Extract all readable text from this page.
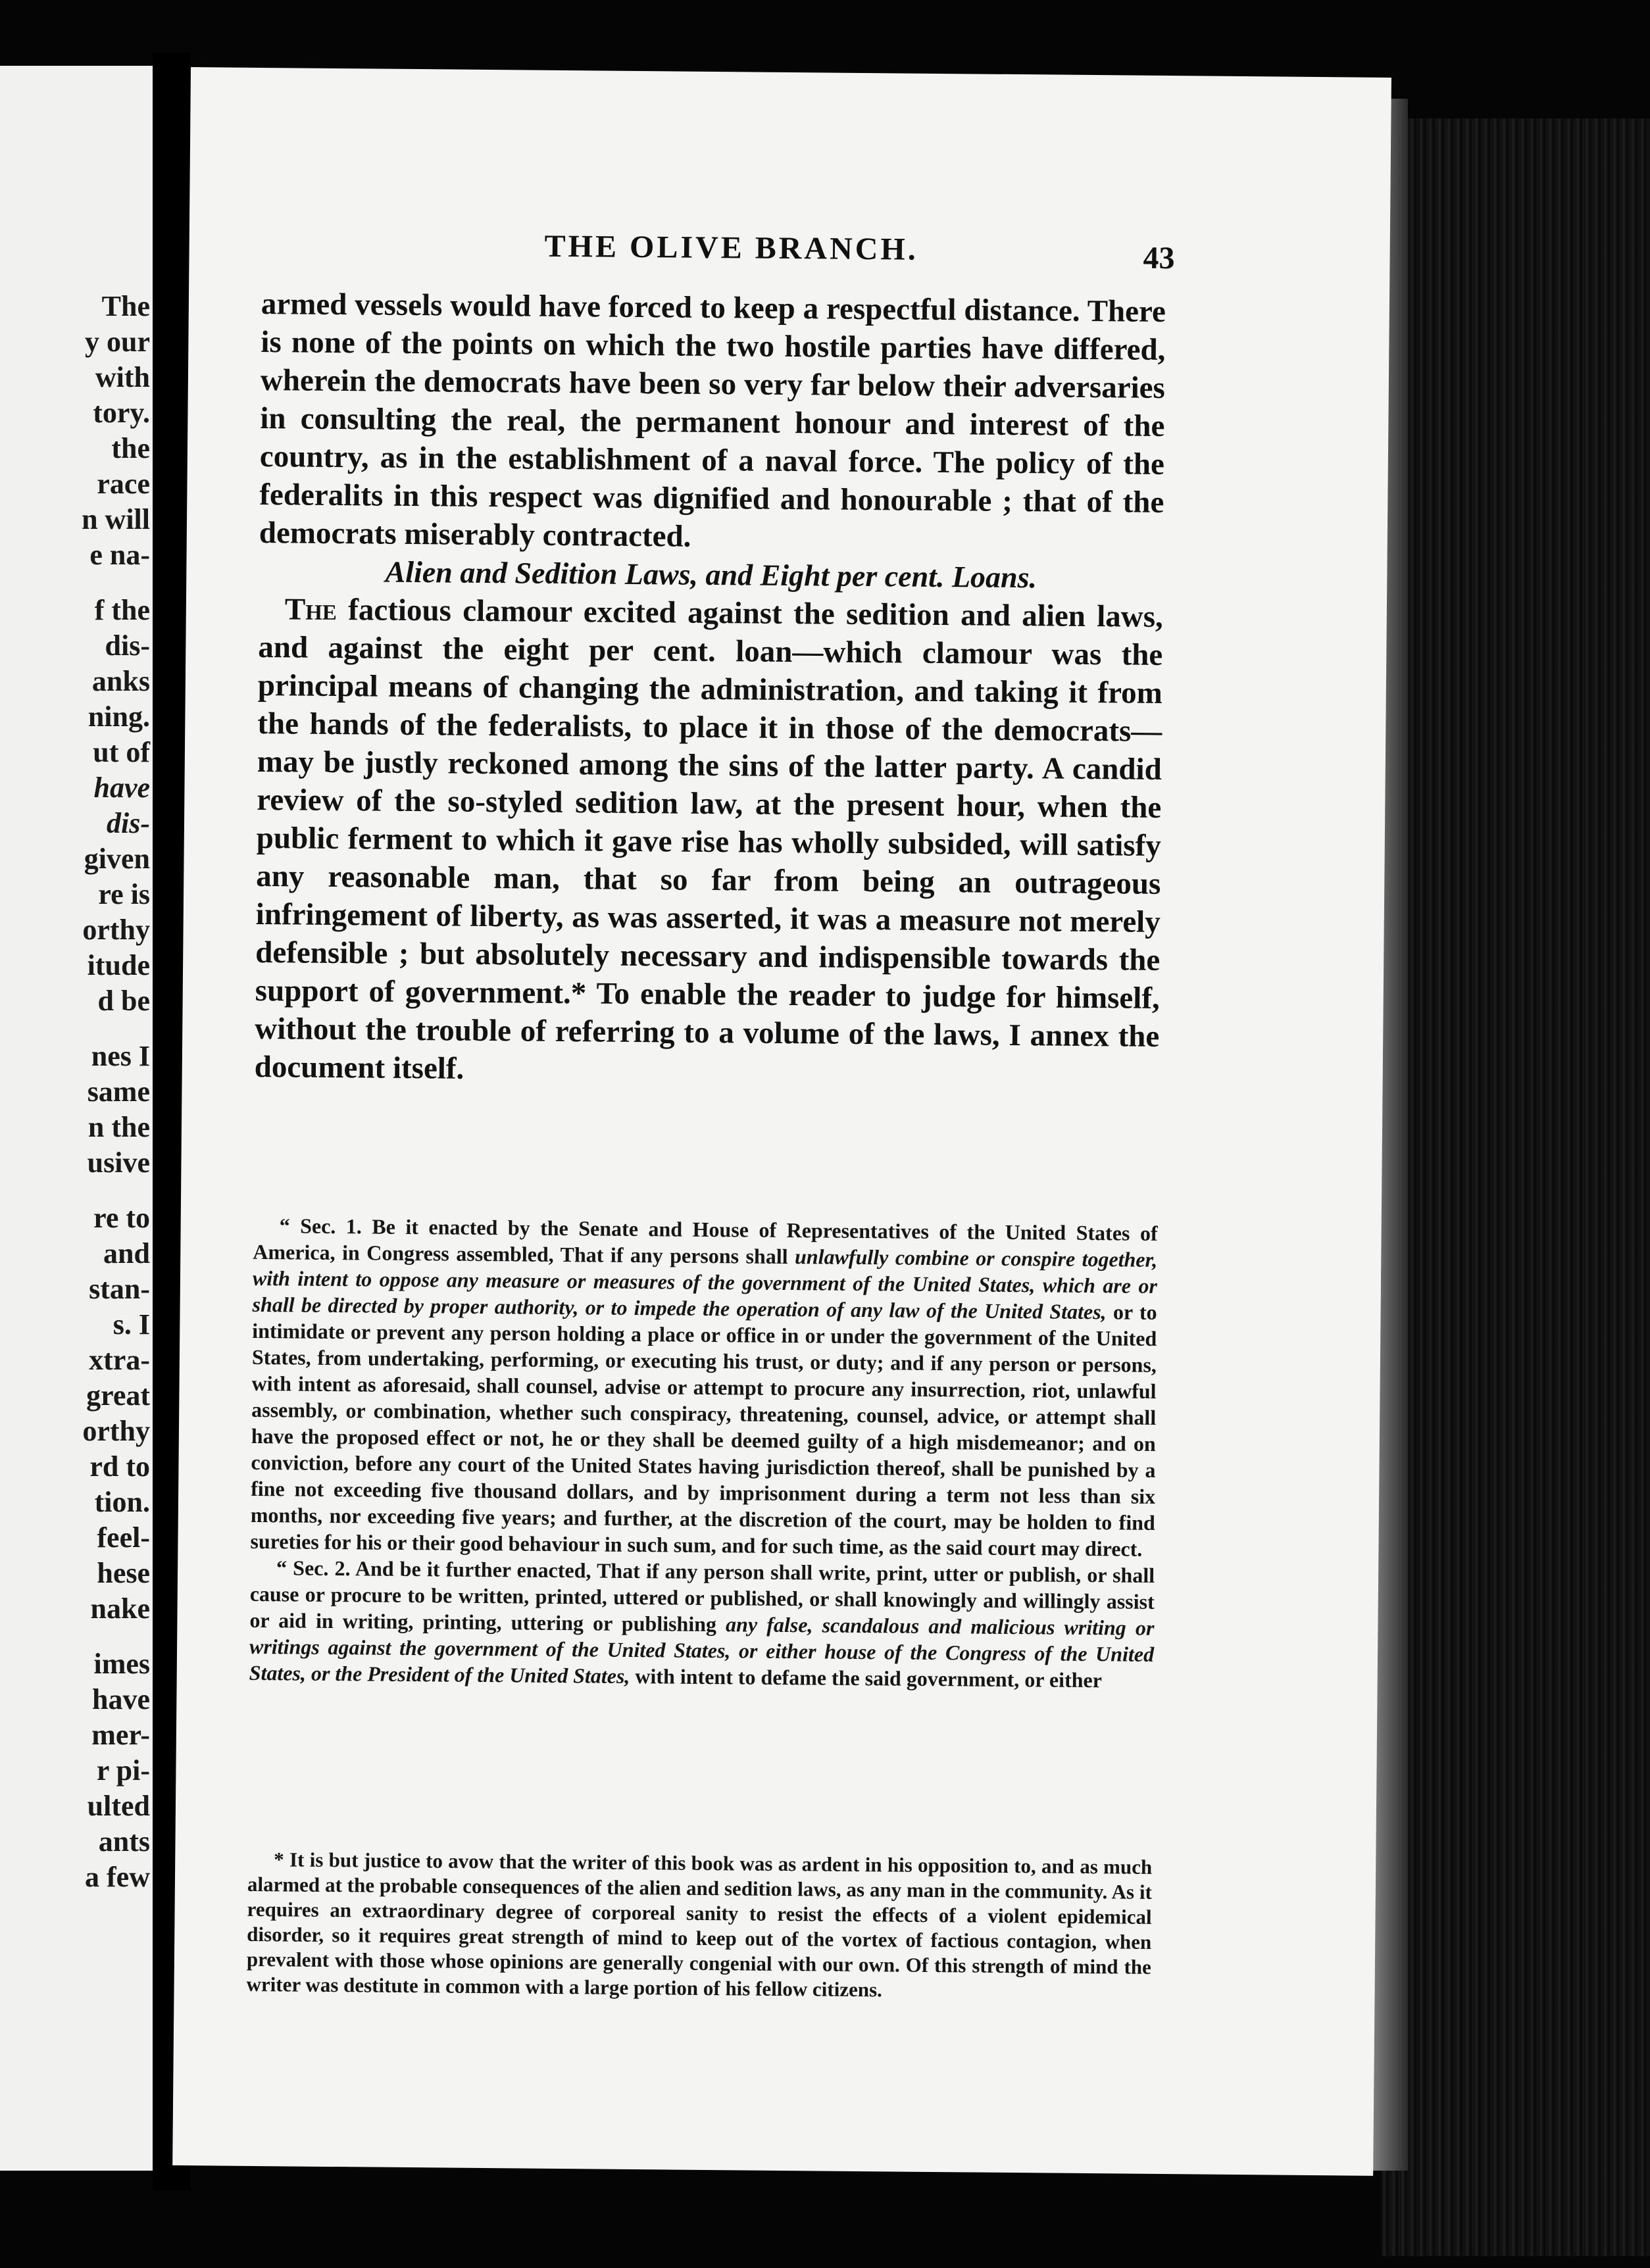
The
y our
with
tory.
the
race
n will
e na-
f the
dis-
anks
ning.
ut of
have
dis-
given
re is
orthy
itude
d be
nes I
same
n the
usive
re to
and
stan-
s. I
xtra-
great
orthy
rd to
tion.
feel-
hese
nake
imes
have
mer-
r pi-
ulted
ants
a few
THE OLIVE BRANCH.	43

armed vessels would have forced to keep a respectful distance. There is none of the points on which the two hostile parties have differed, wherein the democrats have been so very far below their adversaries in consulting the real, the permanent honour and interest of the country, as in the establishment of a naval force. The policy of the federalits in this respect was dignified and honourable ; that of the democrats miserably contracted.

Alien and Sedition Laws, and Eight per cent. Loans.

The factious clamour excited against the sedition and alien laws, and against the eight per cent. loan—which clamour was the principal means of changing the administration, and taking it from the hands of the federalists, to place it in those of the democrats—may be justly reckoned among the sins of the latter party. A candid review of the so-styled sedition law, at the present hour, when the public ferment to which it gave rise has wholly subsided, will satisfy any reasonable man, that so far from being an outrageous infringement of liberty, as was asserted, it was a measure not merely defensible ; but absolutely necessary and indispensible towards the support of government.* To enable the reader to judge for himself, without the trouble of referring to a volume of the laws, I annex the document itself.

“ Sec. 1. Be it enacted by the Senate and House of Representatives of the United States of America, in Congress assembled, That if any persons shall unlawfully combine or conspire together, with intent to oppose any measure or measures of the government of the United States, which are or shall be directed by proper authority, or to impede the operation of any law of the United States, or to intimidate or prevent any person holding a place or office in or under the government of the United States, from undertaking, performing, or executing his trust, or duty; and if any person or persons, with intent as aforesaid, shall counsel, advise or attempt to procure any insurrection, riot, unlawful assembly, or combination, whether such conspiracy, threatening, counsel, advice, or attempt shall have the proposed effect or not, he or they shall be deemed guilty of a high misdemeanor; and on conviction, before any court of the United States having jurisdiction thereof, shall be punished by a fine not exceeding five thousand dollars, and by imprisonment during a term not less than six months, nor exceeding five years; and further, at the discretion of the court, may be holden to find sureties for his or their good behaviour in such sum, and for such time, as the said court may direct.

“ Sec. 2. And be it further enacted, That if any person shall write, print, utter or publish, or shall cause or procure to be written, printed, uttered or published, or shall knowingly and willingly assist or aid in writing, printing, uttering or publishing any false, scandalous and malicious writing or writings against the government of the United States, or either house of the Congress of the United States, or the President of the United States, with intent to defame the said government, or either

* It is but justice to avow that the writer of this book was as ardent in his opposition to, and as much alarmed at the probable consequences of the alien and sedition laws, as any man in the community. As it requires an extraordinary degree of corporeal sanity to resist the effects of a violent epidemical disorder, so it requires great strength of mind to keep out of the vortex of factious contagion, when prevalent with those whose opinions are generally congenial with our own. Of this strength of mind the writer was destitute in common with a large portion of his fellow citizens.
